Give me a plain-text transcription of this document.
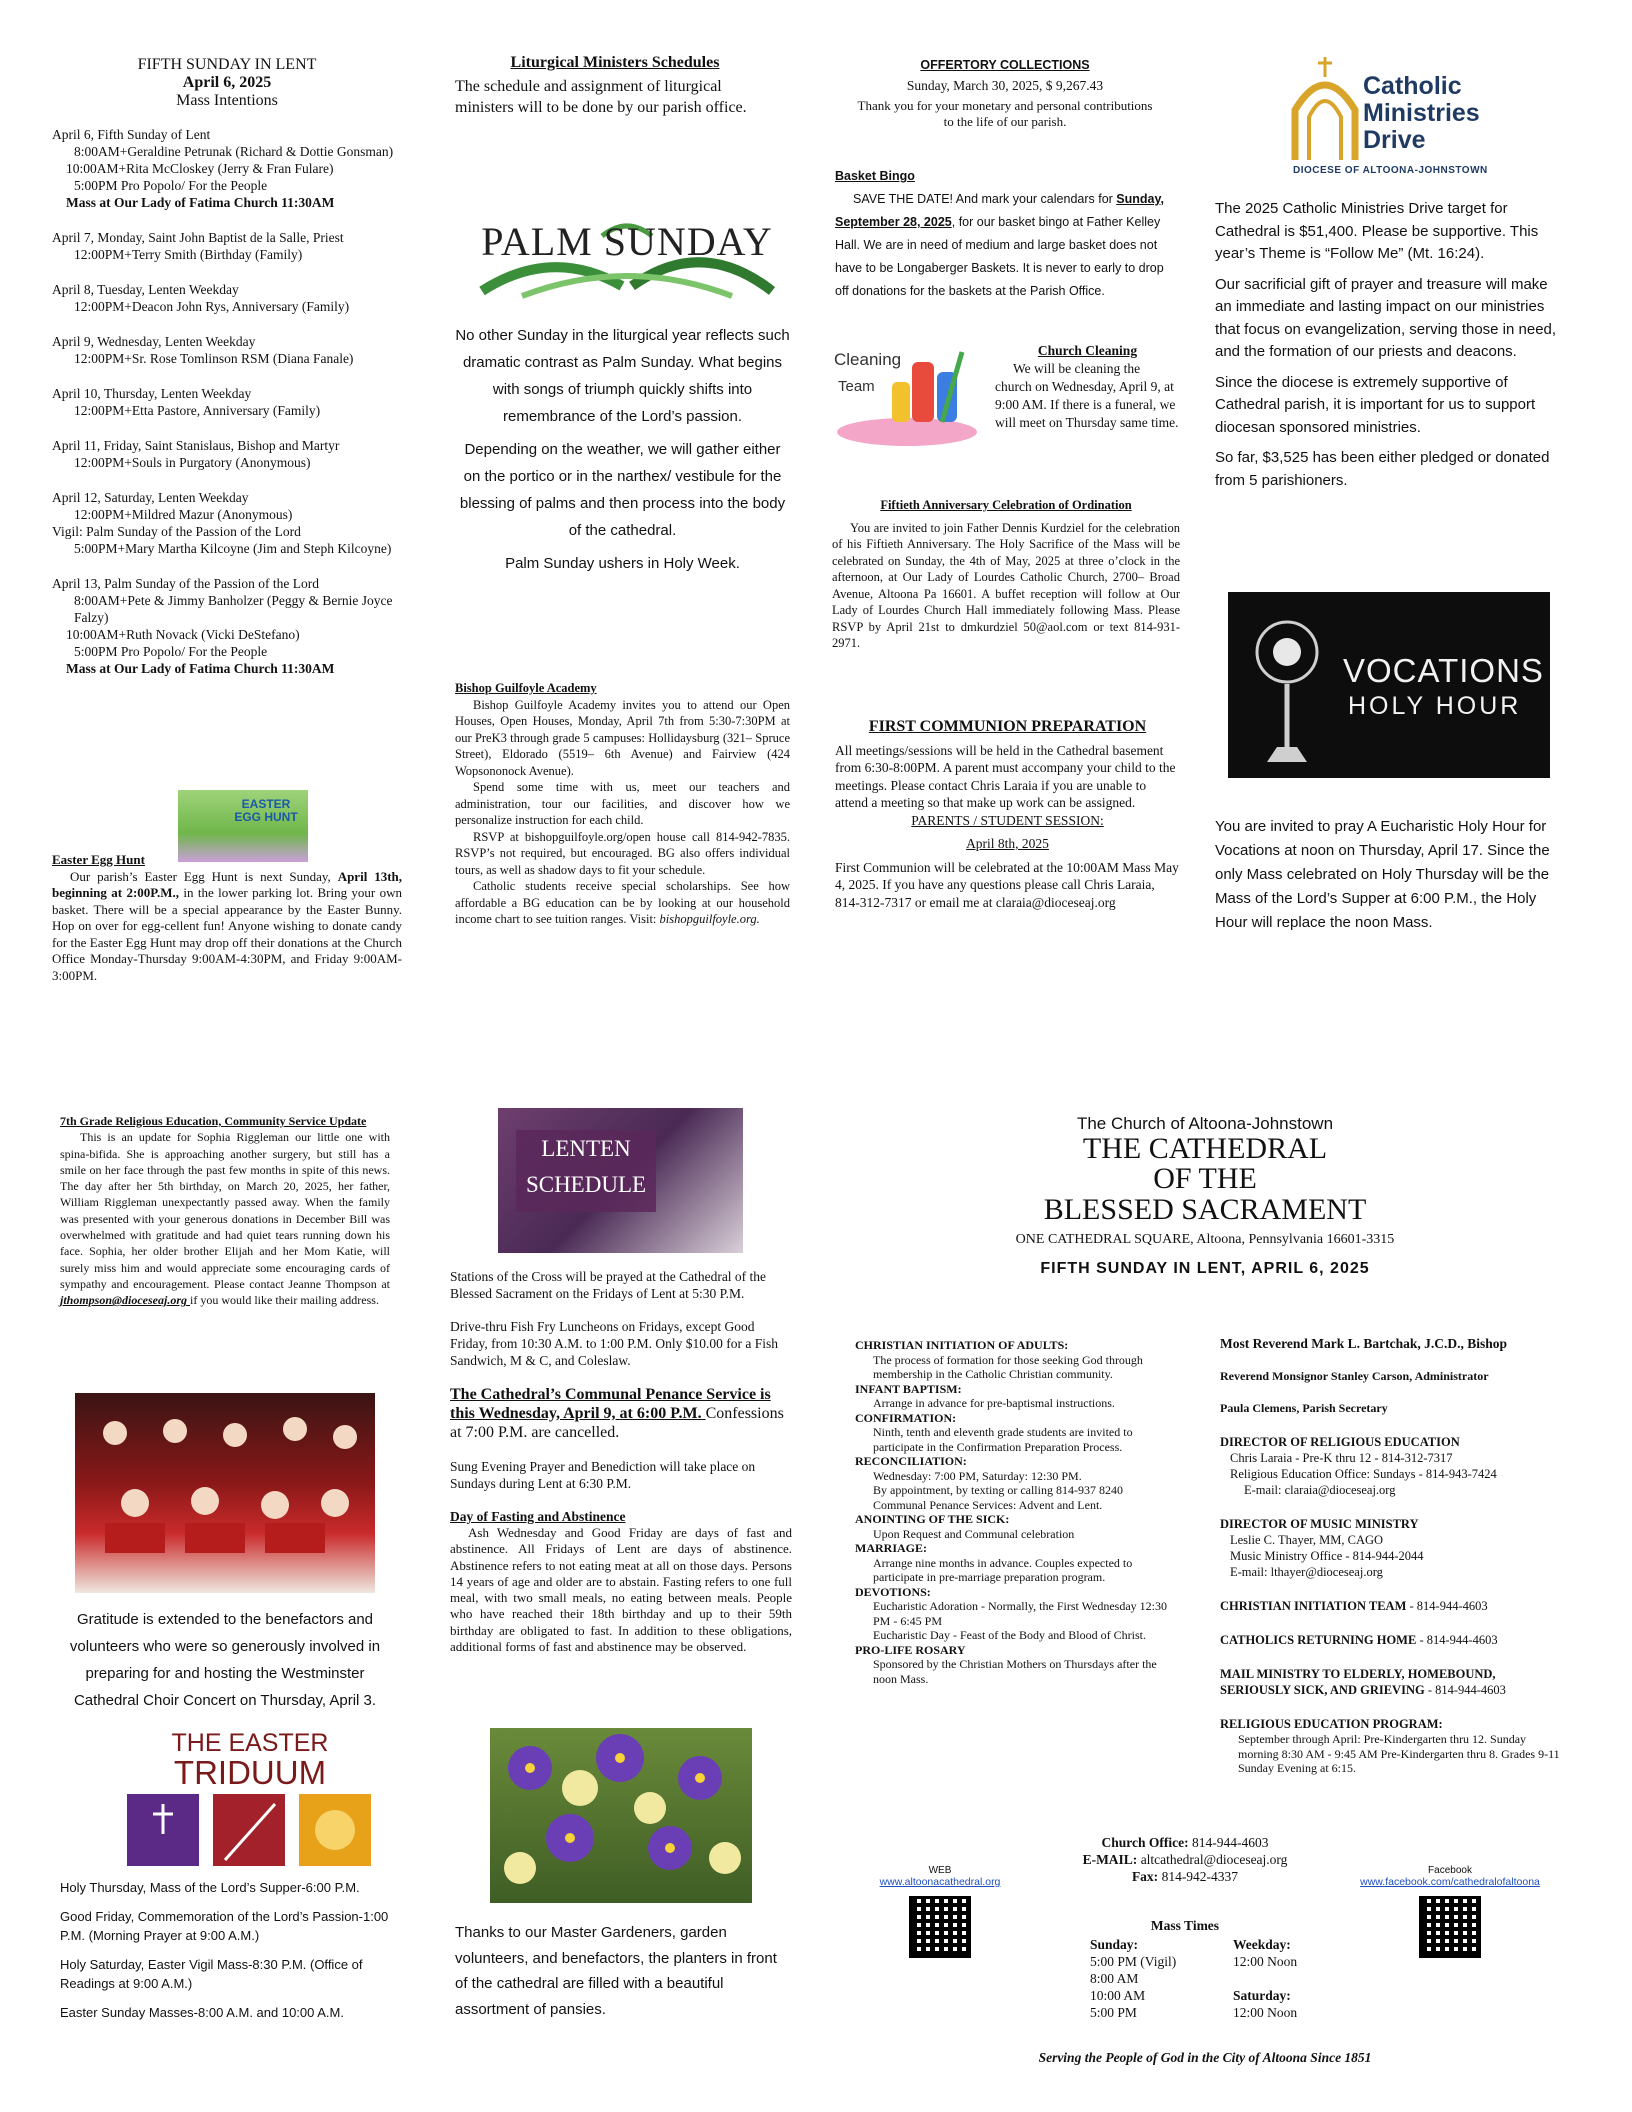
FIFTH SUNDAY IN LENT
April 6, 2025
Mass Intentions

April 6, Fifth Sunday of Lent

8:00AM+Geraldine Petrunak (Richard & Dottie Gonsman)

10:00AM+Rita McCloskey (Jerry & Fran Fulare)

5:00PM Pro Popolo/ For the People

Mass at Our Lady of Fatima Church 11:30AM

April 7, Monday, Saint John Baptist de la Salle, Priest

12:00PM+Terry Smith (Birthday (Family)

April 8, Tuesday, Lenten Weekday

12:00PM+Deacon John Rys, Anniversary (Family)

April 9, Wednesday, Lenten Weekday

12:00PM+Sr. Rose Tomlinson RSM (Diana Fanale)

April 10, Thursday, Lenten Weekday

12:00PM+Etta Pastore, Anniversary (Family)

April 11, Friday, Saint Stanislaus, Bishop and Martyr

12:00PM+Souls in Purgatory (Anonymous)

April 12, Saturday, Lenten Weekday

12:00PM+Mildred Mazur (Anonymous)

Vigil: Palm Sunday of the Passion of the Lord

5:00PM+Mary Martha Kilcoyne (Jim and Steph Kilcoyne)

April 13, Palm Sunday of the Passion of the Lord

8:00AM+Pete & Jimmy Banholzer (Peggy & Bernie Joyce Falzy)

10:00AM+Ruth Novack (Vicki DeStefano)

5:00PM Pro Popolo/ For the People

Mass at Our Lady of Fatima Church 11:30AM

EASTER EGG HUNT
Easter Egg Hunt
Our parish’s Easter Egg Hunt is next Sunday, April 13th, beginning at 2:00P.M., in the lower parking lot. Bring your own basket. There will be a special appearance by the Easter Bunny. Hop on over for egg-cellent fun! Anyone wishing to donate candy for the Easter Egg Hunt may drop off their donations at the Church Office Monday-Thursday 9:00AM-4:30PM, and Friday 9:00AM-3:00PM.
Liturgical Ministers Schedules
The schedule and assignment of liturgical ministers will to be done by our parish office.
PALM SUNDAY
No other Sunday in the liturgical year reflects such dramatic contrast as Palm Sunday. What begins with songs of triumph quickly shifts into remembrance of the Lord’s passion.
Depending on the weather, we will gather either on the portico or in the narthex/ vestibule for the blessing of palms and then process into the body of the cathedral.
Palm Sunday ushers in Holy Week.
Bishop Guilfoyle Academy
Bishop Guilfoyle Academy invites you to attend our Open Houses, Open Houses, Monday, April 7th from 5:30-7:30PM at our PreK3 through grade 5 campuses: Hollidaysburg (321– Spruce Street), Eldorado (5519– 6th Avenue) and Fairview (424 Wopsononock Avenue).
Spend some time with us, meet our teachers and administration, tour our facilities, and discover how we personalize instruction for each child.
RSVP at bishopguilfoyle.org/open house call 814-942-7835. RSVP’s not required, but encouraged. BG also offers individual tours, as well as shadow days to fit your schedule.
Catholic students receive special scholarships. See how affordable a BG education can be by looking at our household income chart to see tuition ranges. Visit: bishopguilfoyle.org.
OFFERTORY COLLECTIONS
Sunday, March 30, 2025, $ 9,267.43
Thank you for your monetary and personal contributions to the life of our parish.
Basket Bingo
SAVE THE DATE! And mark your calendars for Sunday, September 28, 2025, for our basket bingo at Father Kelley Hall. We are in need of medium and large basket does not have to be Longaberger Baskets. It is never to early to drop off donations for the baskets at the Parish Office.
Cleaning
Team
Church Cleaning
We will be cleaning the church on Wednesday, April 9, at 9:00 AM. If there is a funeral, we will meet on Thursday same time.
Fiftieth Anniversary Celebration of Ordination
You are invited to join Father Dennis Kurdziel for the celebration of his Fiftieth Anniversary. The Holy Sacrifice of the Mass will be celebrated on Sunday, the 4th of May, 2025 at three o’clock in the afternoon, at Our Lady of Lourdes Catholic Church, 2700– Broad Avenue, Altoona Pa 16601. A buffet reception will follow at Our Lady of Lourdes Church Hall immediately following Mass. Please RSVP by April 21st to dmkurdziel 50@aol.com or text 814-931-2971.
FIRST COMMUNION PREPARATION
All meetings/sessions will be held in the Cathedral basement from 6:30-8:00PM. A parent must accompany your child to the meetings. Please contact Chris Laraia if you are unable to attend a meeting so that make up work can be assigned.
PARENTS / STUDENT SESSION:
April 8th, 2025
First Communion will be celebrated at the 10:00AM Mass May 4, 2025. If you have any questions please call Chris Laraia, 814-312-7317 or email me at claraia@dioceseaj.org
Catholic
Ministries
Drive
DIOCESE OF ALTOONA-JOHNSTOWN
The 2025 Catholic Ministries Drive target for Cathedral is $51,400. Please be supportive. This year’s Theme is “Follow Me” (Mt. 16:24).
Our sacrificial gift of prayer and treasure will make an immediate and lasting impact on our ministries that focus on evangelization, serving those in need, and the formation of our priests and deacons.
Since the diocese is extremely supportive of Cathedral parish, it is important for us to support diocesan sponsored ministries.
So far, $3,525 has been either pledged or donated from 5 parishioners.
VOCATIONS
HOLY HOUR
You are invited to pray A Eucharistic Holy Hour for Vocations at noon on Thursday, April 17. Since the only Mass celebrated on Holy Thursday will be the Mass of the Lord’s Supper at 6:00 P.M., the Holy Hour will replace the noon Mass.
7th Grade Religious Education, Community Service Update
This is an update for Sophia Riggleman our little one with spina-bifida. She is approaching another surgery, but still has a smile on her face through the past few months in spite of this news. The day after her 5th birthday, on March 20, 2025, her father, William Riggleman unexpectantly passed away. When the family was presented with your generous donations in December Bill was overwhelmed with gratitude and had quiet tears running down his face. Sophia, her older brother Elijah and her Mom Katie, will surely miss him and would appreciate some encouraging cards of sympathy and encouragement. Please contact Jeanne Thompson at jthompson@dioceseaj.org if you would like their mailing address.
Gratitude is extended to the benefactors and volunteers who were so generously involved in preparing for and hosting the Westminster Cathedral Choir Concert on Thursday, April 3.
THE EASTER
TRIDUUM
Holy Thursday, Mass of the Lord’s Supper-6:00 P.M.
Good Friday, Commemoration of the Lord’s Passion-1:00 P.M. (Morning Prayer at 9:00 A.M.)
Holy Saturday, Easter Vigil Mass-8:30 P.M. (Office of Readings at 9:00 A.M.)
Easter Sunday Masses-8:00 A.M. and 10:00 A.M.
LENTEN
SCHEDULE
Stations of the Cross will be prayed at the Cathedral of the Blessed Sacrament on the Fridays of Lent at 5:30 P.M.
Drive-thru Fish Fry Luncheons on Fridays, except Good Friday, from 10:30 A.M. to 1:00 P.M. Only $10.00 for a Fish Sandwich, M & C, and Coleslaw.
The Cathedral’s Communal Penance Service is this Wednesday, April 9, at 6:00 P.M. Confessions at 7:00 P.M. are cancelled.
Sung Evening Prayer and Benediction will take place on Sundays during Lent at 6:30 P.M.
Day of Fasting and Abstinence
Ash Wednesday and Good Friday are days of fast and abstinence. All Fridays of Lent are days of abstinence. Abstinence refers to not eating meat at all on those days. Persons 14 years of age and older are to abstain. Fasting refers to one full meal, with two small meals, no eating between meals. People who have reached their 18th birthday and up to their 59th birthday are obligated to fast. In addition to these obligations, additional forms of fast and abstinence may be observed.
Thanks to our Master Gardeners, garden volunteers, and benefactors, the planters in front of the cathedral are filled with a beautiful assortment of pansies.
The Church of Altoona-Johnstown
THE CATHEDRAL
OF THE
BLESSED SACRAMENT
ONE CATHEDRAL SQUARE, Altoona, Pennsylvania 16601-3315
FIFTH SUNDAY IN LENT, APRIL 6, 2025

CHRISTIAN INITIATION OF ADULTS:

The process of formation for those seeking God through membership in the Catholic Christian community.

INFANT BAPTISM:

Arrange in advance for pre-baptismal instructions.

CONFIRMATION:

Ninth, tenth and eleventh grade students are invited to participate in the Confirmation Preparation Process.

RECONCILIATION:

Wednesday: 7:00 PM, Saturday: 12:30 PM.

By appointment, by texting or calling 814-937 8240 Communal Penance Services: Advent and Lent.

ANOINTING OF THE SICK:

Upon Request and Communal celebration

MARRIAGE:

Arrange nine months in advance. Couples expected to participate in pre-marriage preparation program.

DEVOTIONS:

Eucharistic Adoration - Normally, the First Wednesday 12:30 PM - 6:45 PM

Eucharistic Day - Feast of the Body and Blood of Christ.

PRO-LIFE ROSARY

Sponsored by the Christian Mothers on Thursdays after the noon Mass.

Most Reverend Mark L. Bartchak, J.C.D., Bishop
Reverend Monsignor Stanley Carson, Administrator
Paula Clemens, Parish Secretary
DIRECTOR OF RELIGIOUS EDUCATION
Chris Laraia - Pre-K thru 12 - 814-312-7317
Religious Education Office: Sundays - 814-943-7424
E-mail: claraia@dioceseaj.org
DIRECTOR OF MUSIC MINISTRY
Leslie C. Thayer, MM, CAGO
Music Ministry Office - 814-944-2044
E-mail: lthayer@dioceseaj.org
CHRISTIAN INITIATION TEAM - 814-944-4603
CATHOLICS RETURNING HOME - 814-944-4603
MAIL MINISTRY TO ELDERLY, HOMEBOUND, SERIOUSLY SICK, AND GRIEVING - 814-944-4603
RELIGIOUS EDUCATION PROGRAM:
September through April: Pre-Kindergarten thru 12. Sunday morning 8:30 AM - 9:45 AM Pre-Kindergarten thru 8. Grades 9-11 Sunday Evening at 6:15.
Church Office: 814-944-4603
E-MAIL: altcathedral@dioceseaj.org
Fax: 814-942-4337
WEB
www.altoonacathedral.org
Facebook
www.facebook.com/cathedralofaltoona
Mass Times
Sunday:
5:00 PM (Vigil)
8:00 AM
10:00 AM
5:00 PM
Weekday:
12:00 Noon
Saturday:
12:00 Noon
Serving the People of God in the City of Altoona Since 1851
